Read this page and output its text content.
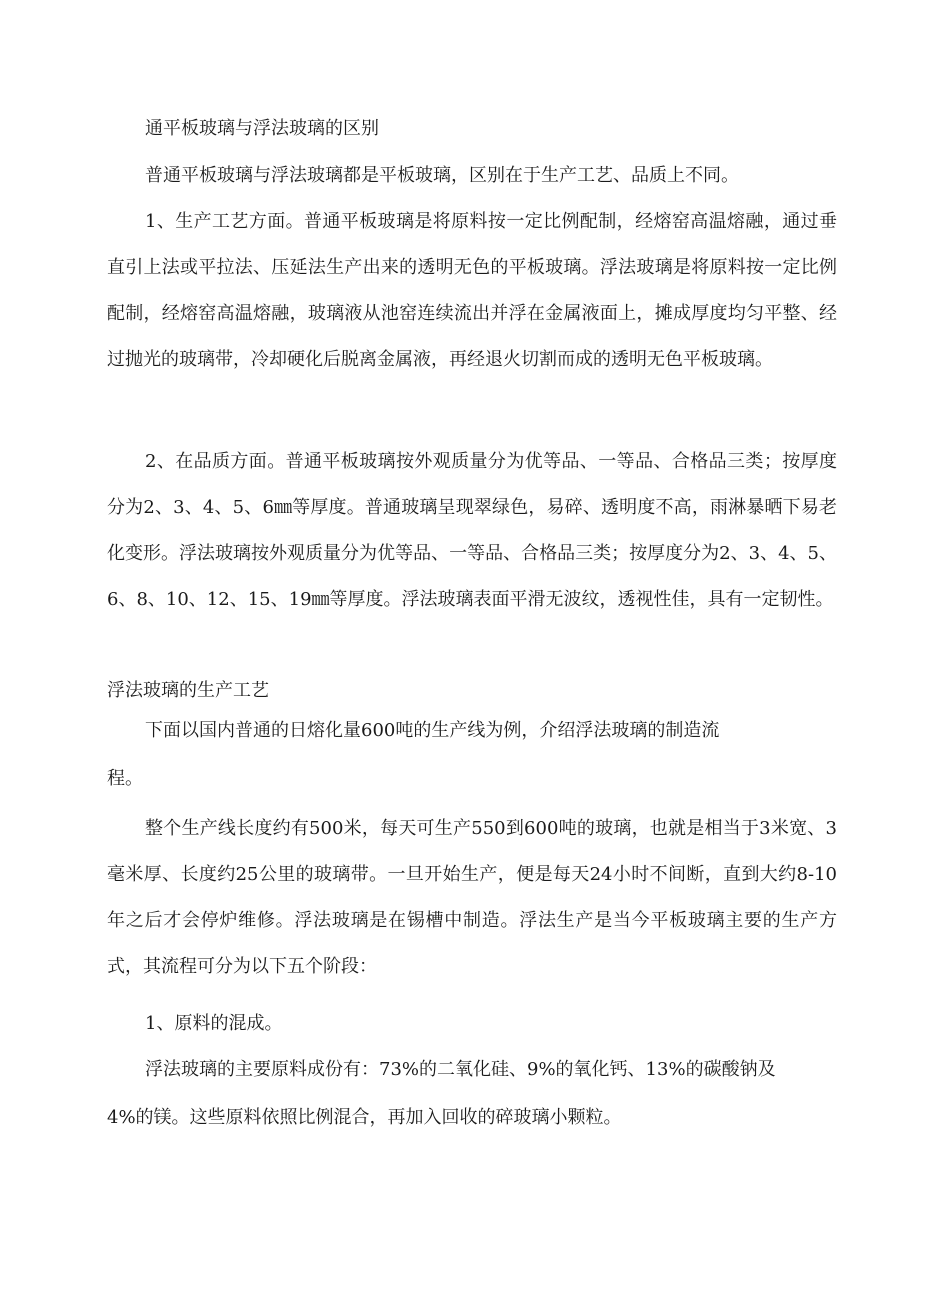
通平板玻璃与浮法玻璃的区别

普通平板玻璃与浮法玻璃都是平板玻璃，区别在于生产工艺、品质上不同。

1、生产工艺方面。普通平板玻璃是将原料按一定比例配制，经熔窑高温熔融，通过垂直引上法或平拉法、压延法生产出来的透明无色的平板玻璃。浮法玻璃是将原料按一定比例配制，经熔窑高温熔融，玻璃液从池窑连续流出并浮在金属液面上，摊成厚度均匀平整、经过抛光的玻璃带，冷却硬化后脱离金属液，再经退火切割而成的透明无色平板玻璃。

2、在品质方面。普通平板玻璃按外观质量分为优等品、一等品、合格品三类；按厚度分为2、3、4、5、6㎜等厚度。普通玻璃呈现翠绿色，易碎、透明度不高，雨淋暴晒下易老化变形。浮法玻璃按外观质量分为优等品、一等品、合格品三类；按厚度分为2、3、4、5、6、8、10、12、15、19㎜等厚度。浮法玻璃表面平滑无波纹，透视性佳，具有一定韧性。

浮法玻璃的生产工艺

下面以国内普通的日熔化量600吨的生产线为例，介绍浮法玻璃的制造流

程。

整个生产线长度约有500米，每天可生产550到600吨的玻璃，也就是相当于3米宽、3毫米厚、长度约25公里的玻璃带。一旦开始生产，便是每天24小时不间断，直到大约8-10年之后才会停炉维修。浮法玻璃是在锡槽中制造。浮法生产是当今平板玻璃主要的生产方式，其流程可分为以下五个阶段：

1、原料的混成。

浮法玻璃的主要原料成份有：73%的二氧化硅、9%的氧化钙、13%的碳酸钠及

4%的镁。这些原料依照比例混合，再加入回收的碎玻璃小颗粒。
